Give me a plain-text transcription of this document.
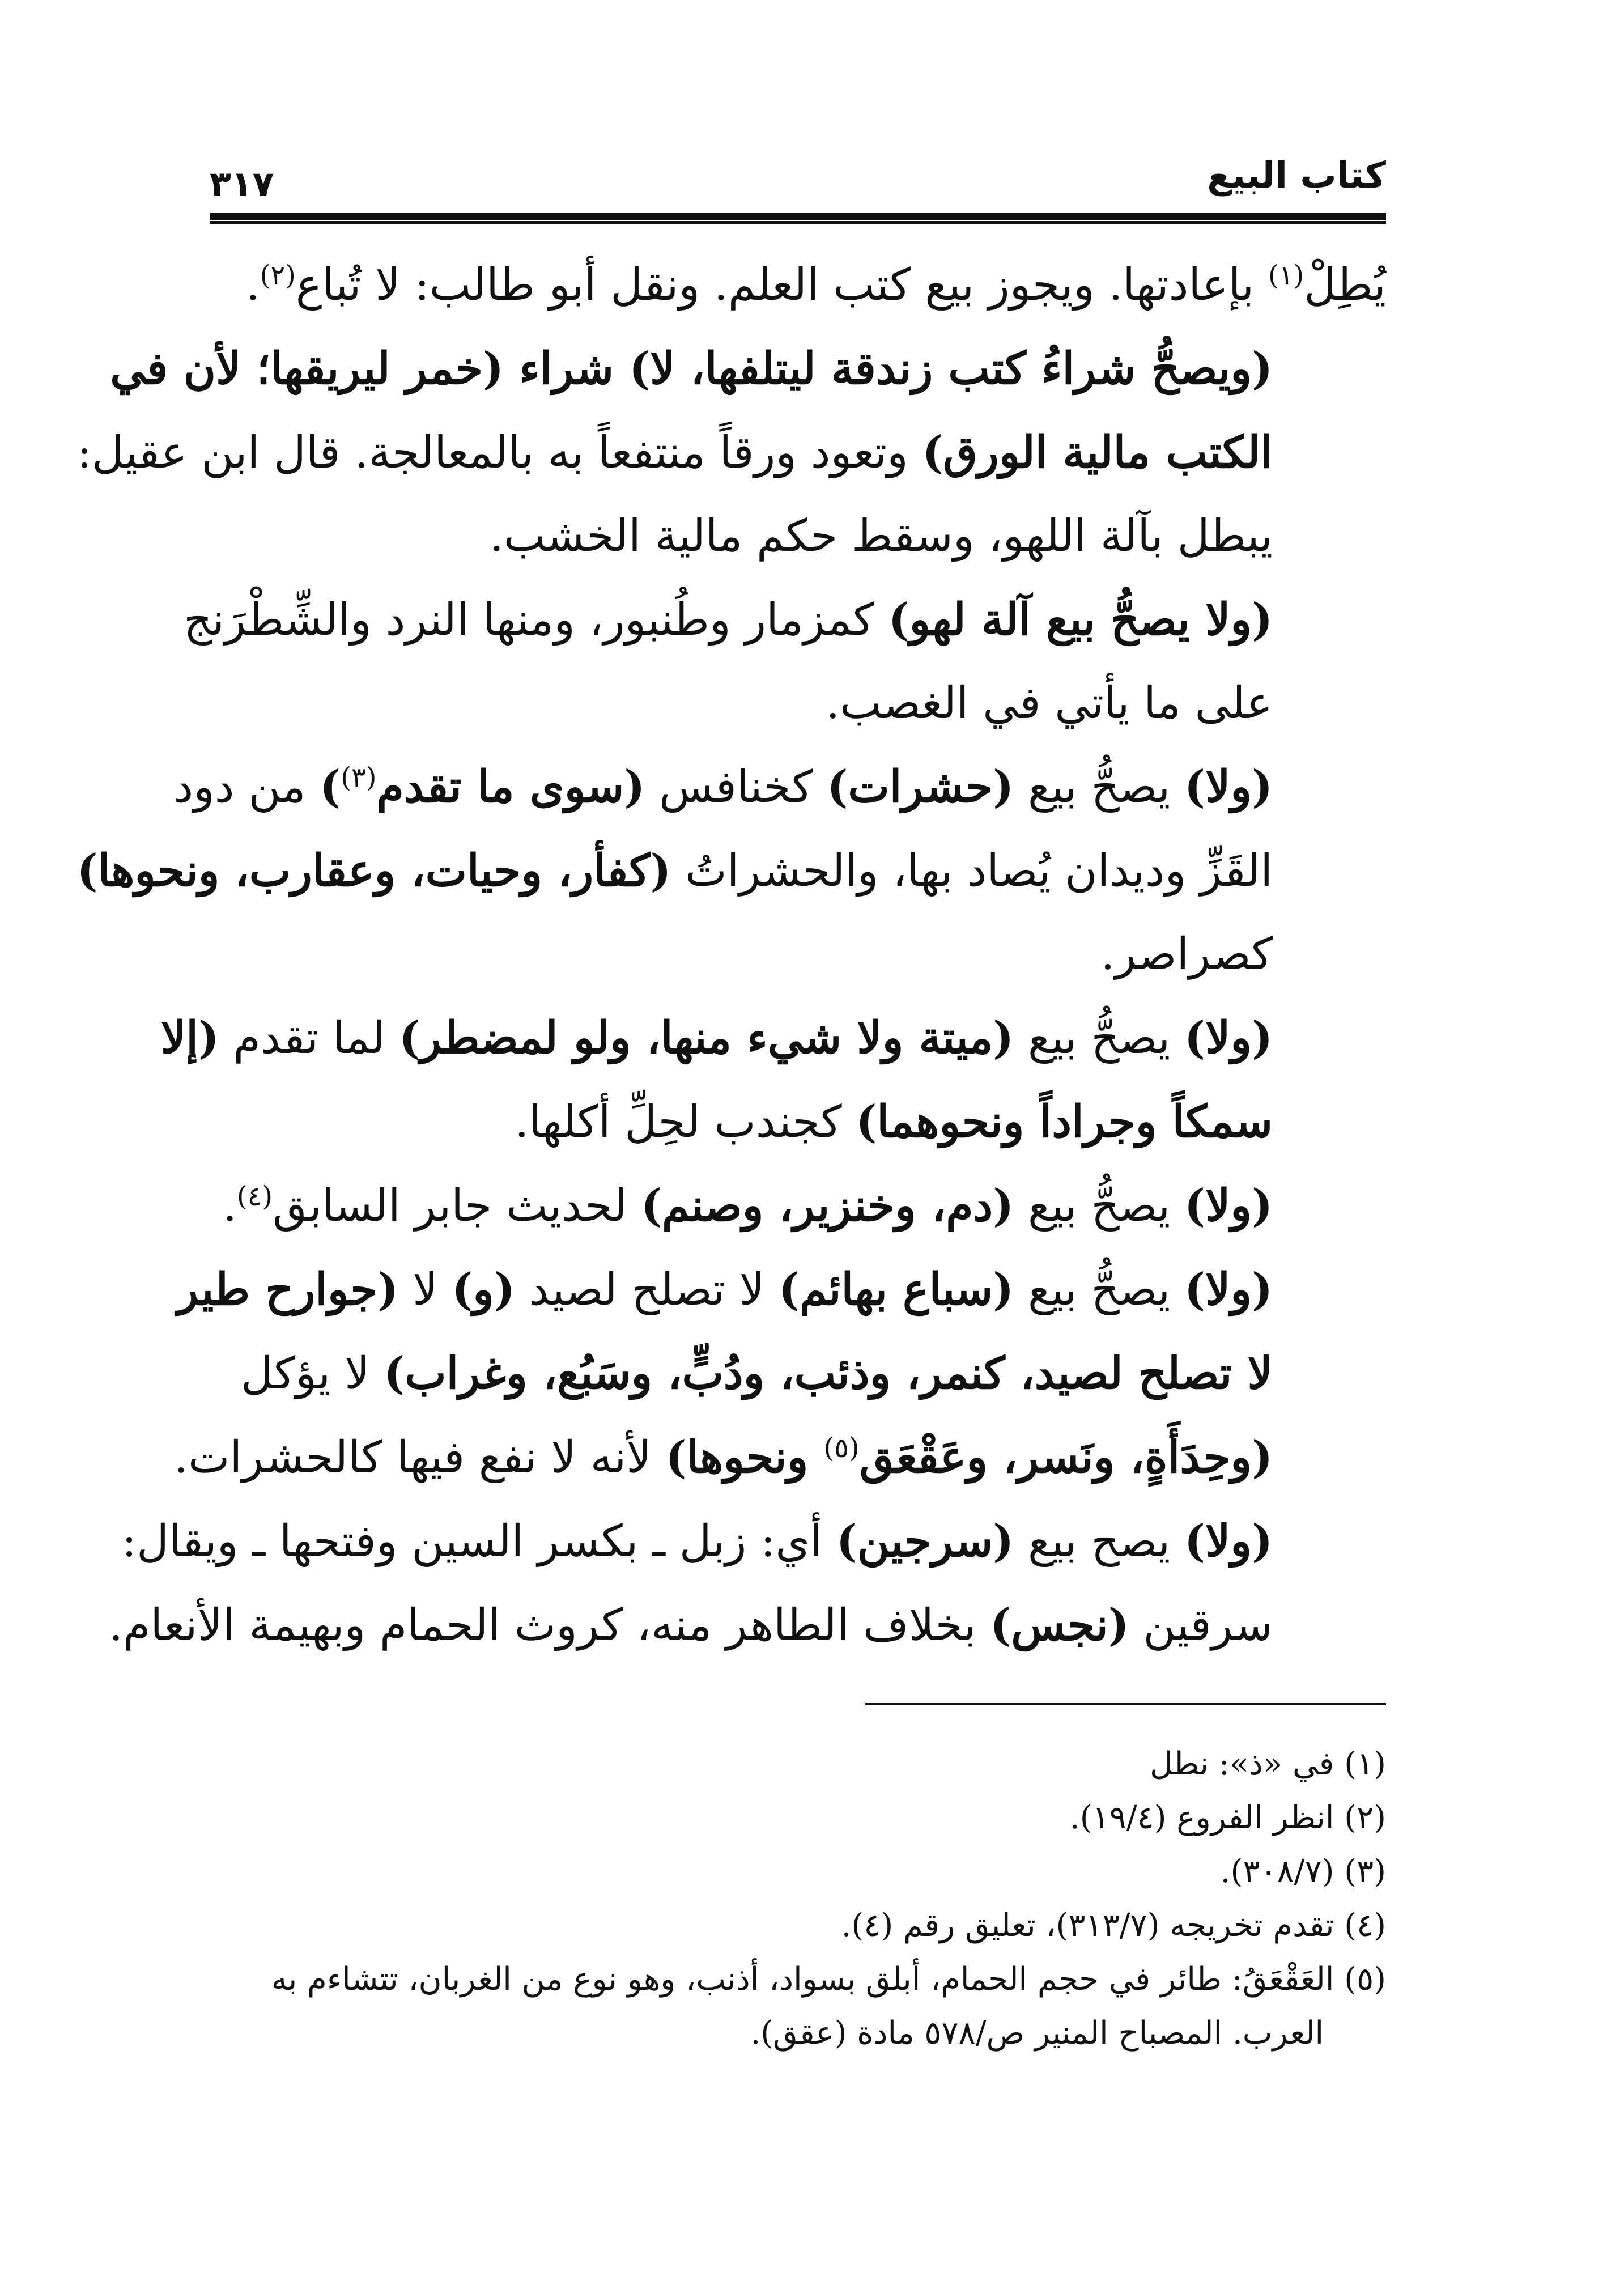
كتاب البيع
٣١٧
يُطِلْ$^{(١)}$ بإعادتها. ويجوز بيع كتب العلم. ونقل أبو طالب: لا تُباع$^{(٢)}$.
(ويصحُّ شراءُ كتب زندقة ليتلفها، لا) شراء (خمر ليريقها؛ لأن في
الكتب مالية الورق) وتعود ورقاً منتفعاً به بالمعالجة. قال ابن عقيل:
يبطل بآلة اللهو، وسقط حكم مالية الخشب.
(ولا يصحُّ بيع آلة لهو) كمزمار وطُنبور، ومنها النرد والشِّطْرَنج
على ما يأتي في الغصب.
(ولا) يصحُّ بيع (حشرات) كخنافس (سوى ما تقدم$^{(٣)}$) من دود
القَزِّ وديدان يُصاد بها، والحشراتُ (كفأر، وحيات، وعقارب، ونحوها)
كصراصر.
(ولا) يصحُّ بيع (ميتة ولا شيء منها، ولو لمضطر) لما تقدم (إلا
سمكاً وجراداً ونحوهما) كجندب لحِلِّ أكلها.
(ولا) يصحُّ بيع (دم، وخنزير، وصنم) لحديث جابر السابق$^{(٤)}$.
(ولا) يصحُّ بيع (سباع بهائم) لا تصلح لصيد (و) لا (جوارح طير
لا تصلح لصيد، كنمر، وذئب، ودُبٍّ، وسَبُع، وغراب) لا يؤكل
(وحِدَأَةٍ، ونَسر، وعَقْعَق$^{(٥)}$ ونحوها) لأنه لا نفع فيها كالحشرات.
(ولا) يصح بيع (سرجين) أي: زبل ـ بكسر السين وفتحها ـ ويقال:
سرقين (نجس) بخلاف الطاهر منه، كروث الحمام وبهيمة الأنعام.
(١) في «ذ»: نطل
(٢) انظر الفروع (١٩/٤).
(٣) (٣٠٨/٧).
(٤) تقدم تخريجه (٣١٣/٧)، تعليق رقم (٤).
(٥) العَقْعَقُ: طائر في حجم الحمام، أبلق بسواد، أذنب، وهو نوع من الغربان، تتشاءم به
العرب. المصباح المنير ص/٥٧٨ مادة (عقق).
